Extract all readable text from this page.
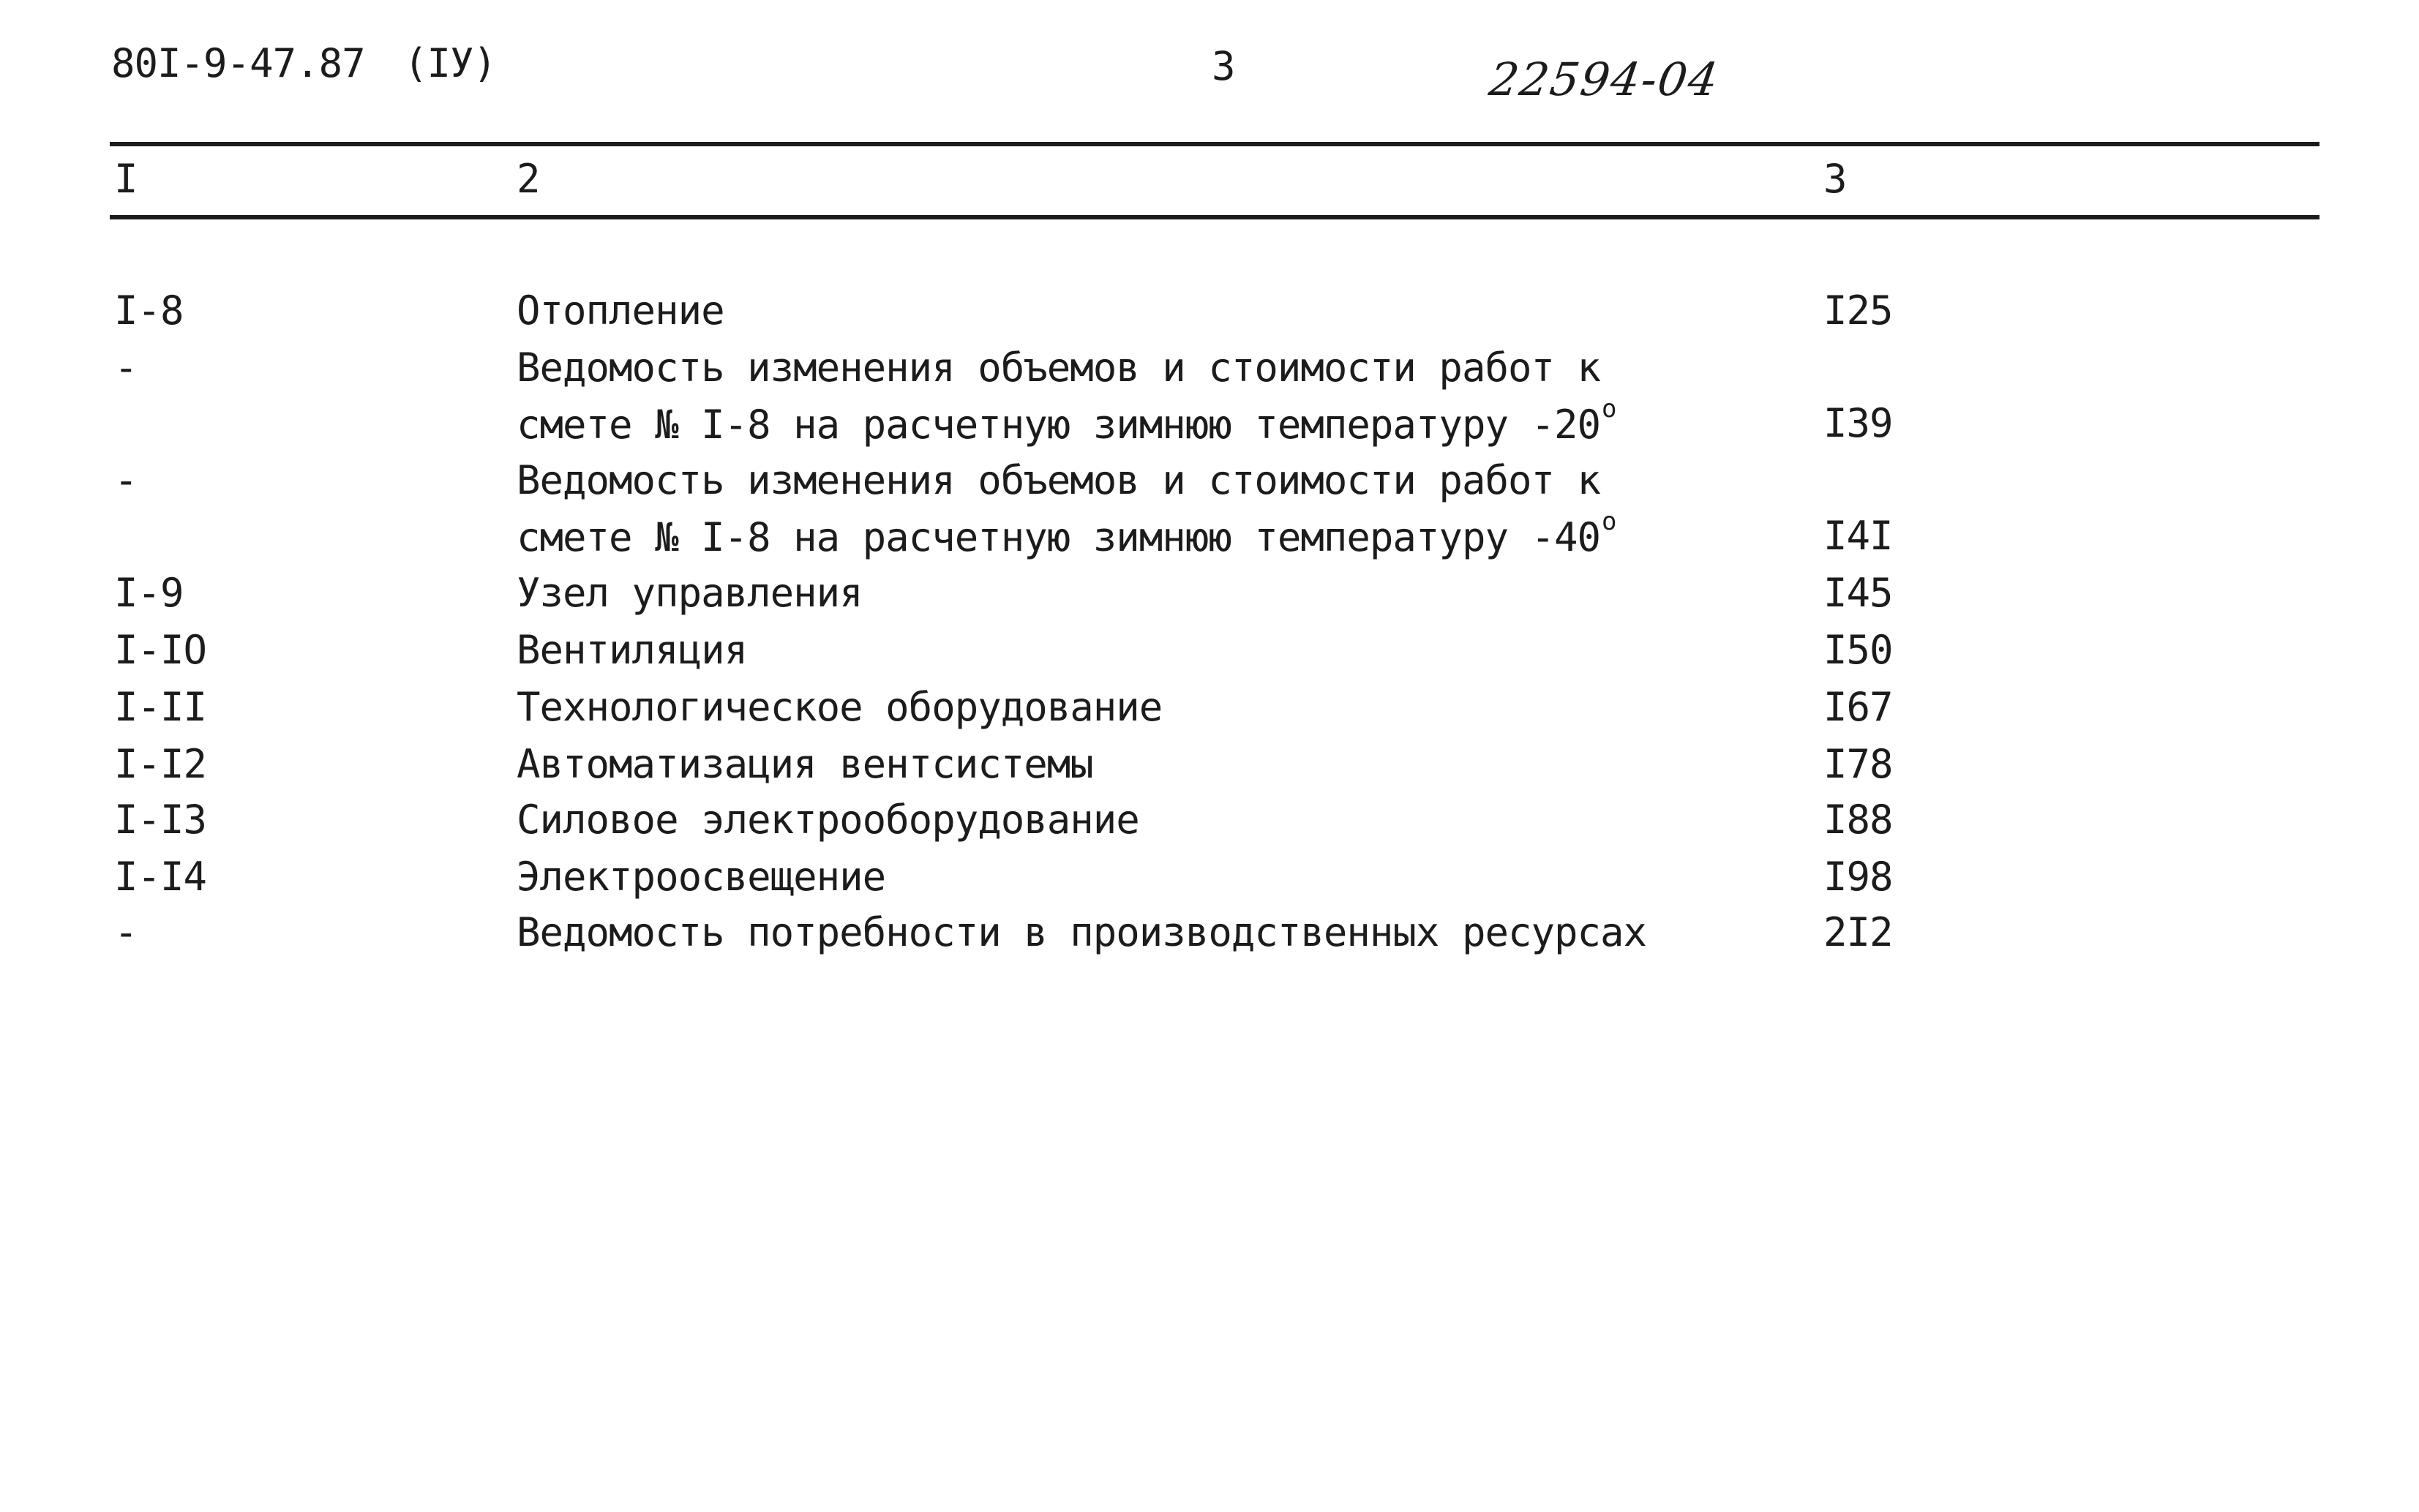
80I-9-47.87 (IУ)	3	22594-04
I	2	3
I-8	Отопление	I25
-	Ведомость изменения объемов и стоимости работ к
смете № I-8 на расчетную зимнюю температуру -20$^o$	I39
-	Ведомость изменения объемов и стоимости работ к
смете № I-8 на расчетную зимнюю температуру -40$^o$	I4I
I-9	Узел управления	I45
I-IO	Вентиляция	I50
I-II	Технологическое оборудование	I67
I-I2	Автоматизация вентсистемы	I78
I-I3	Силовое электрооборудование	I88
I-I4	Электроосвещение	I98
-	Ведомость потребности в производственных ресурсах	2I2
